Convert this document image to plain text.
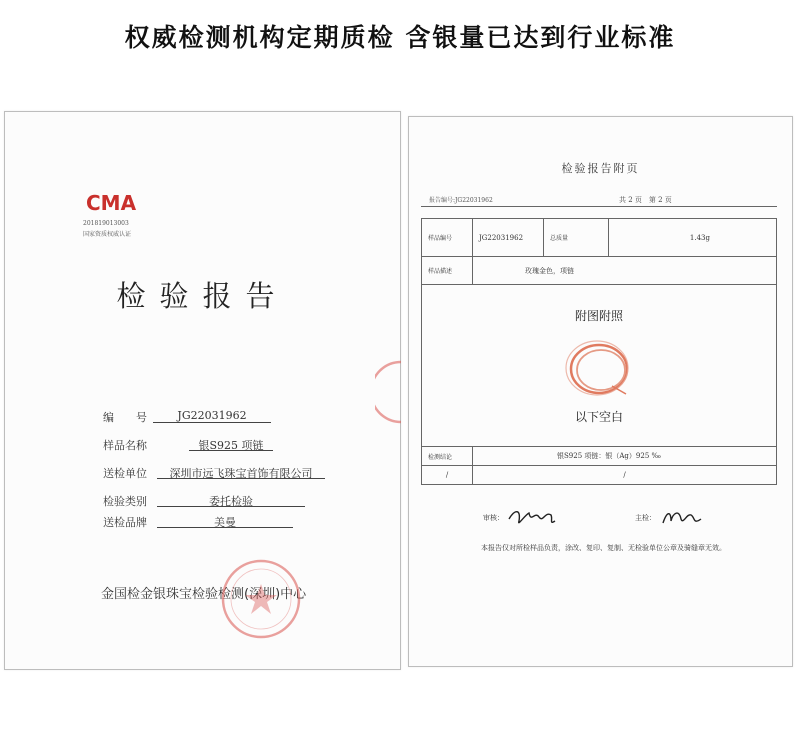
权威检测机构定期质检 含银量已达到行业标准
CMA
201819013003
国家资质权威认证
检验报告
编　　号	JG22031962
样品名称	银S925 项链
送检单位	深圳市远飞珠宝首饰有限公司
检验类别	委托检验
送检品牌	美曼
金国检金银珠宝检验检测(深圳)中心
检验报告附页
报告编号:JG22031962	共 2 页　第 2 页
样品编号	JG22031962	总质量	1.43g
样品描述	玫瑰金色，项链		

附图附照
以下空白			

检测结论	银S925 项链：银（Ag）925 ‰		
/	/		
审核：	主检：
本报告仅对所检样品负责，涂改、复印、复制、无检验单位公章及骑缝章无效。
